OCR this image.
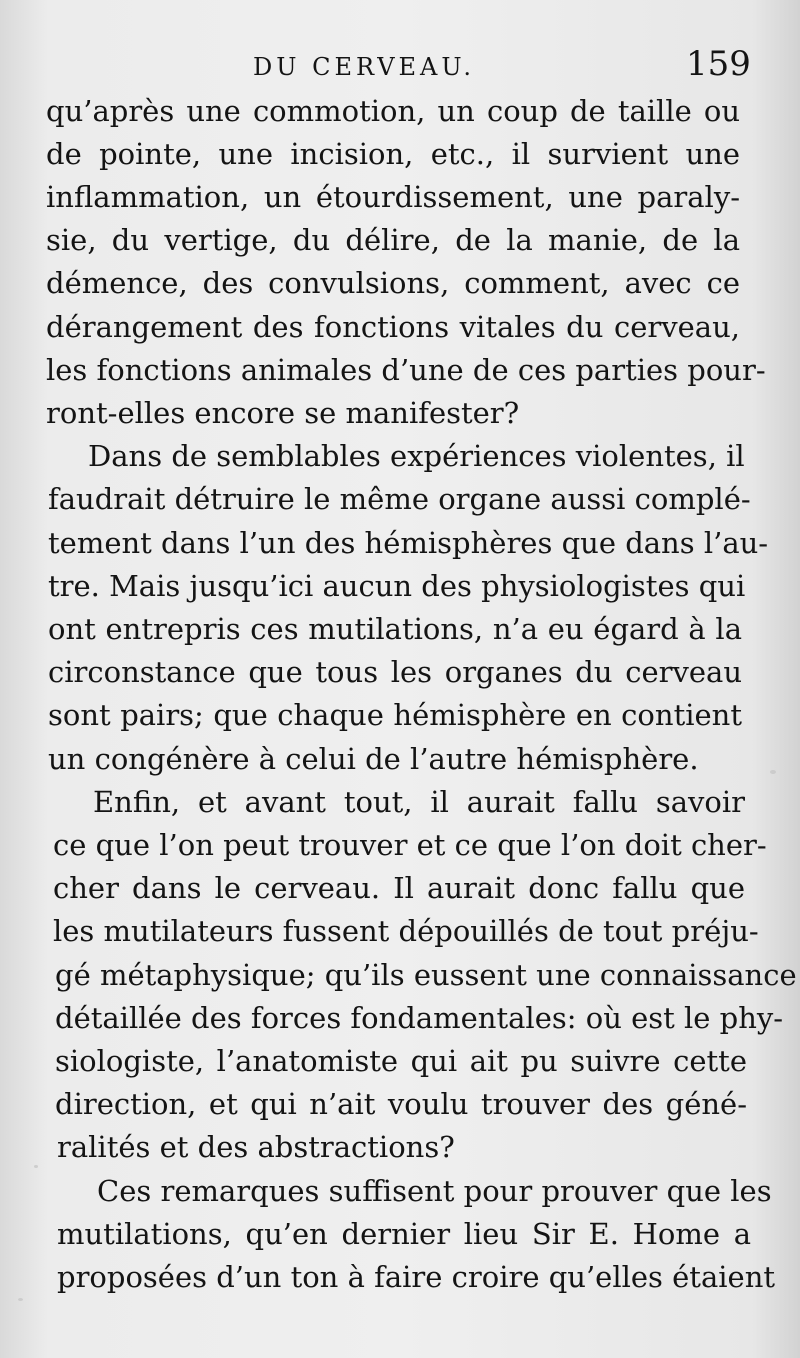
DU CERVEAU.	159
qu’après une commotion, un coup de taille ou
de pointe, une incision, etc., il survient une
inflammation, un étourdissement, une paraly-
sie, du vertige, du délire, de la manie, de la
démence, des convulsions, comment, avec ce
dérangement des fonctions vitales du cerveau,
les fonctions animales d’une de ces parties pour-
ront-elles encore se manifester?
Dans de semblables expériences violentes, il
faudrait détruire le même organe aussi complé-
tement dans l’un des hémisphères que dans l’au-
tre. Mais jusqu’ici aucun des physiologistes qui
ont entrepris ces mutilations, n’a eu égard à la
circonstance que tous les organes du cerveau
sont pairs; que chaque hémisphère en contient
un congénère à celui de l’autre hémisphère.
Enfin, et avant tout, il aurait fallu savoir
ce que l’on peut trouver et ce que l’on doit cher-
cher dans le cerveau. Il aurait donc fallu que
les mutilateurs fussent dépouillés de tout préju-
gé métaphysique; qu’ils eussent une connaissance
détaillée des forces fondamentales: où est le phy-
siologiste, l’anatomiste qui ait pu suivre cette
direction, et qui n’ait voulu trouver des géné-
ralités et des abstractions?
Ces remarques suffisent pour prouver que les
mutilations, qu’en dernier lieu Sir E. Home a
proposées d’un ton à faire croire qu’elles étaient
